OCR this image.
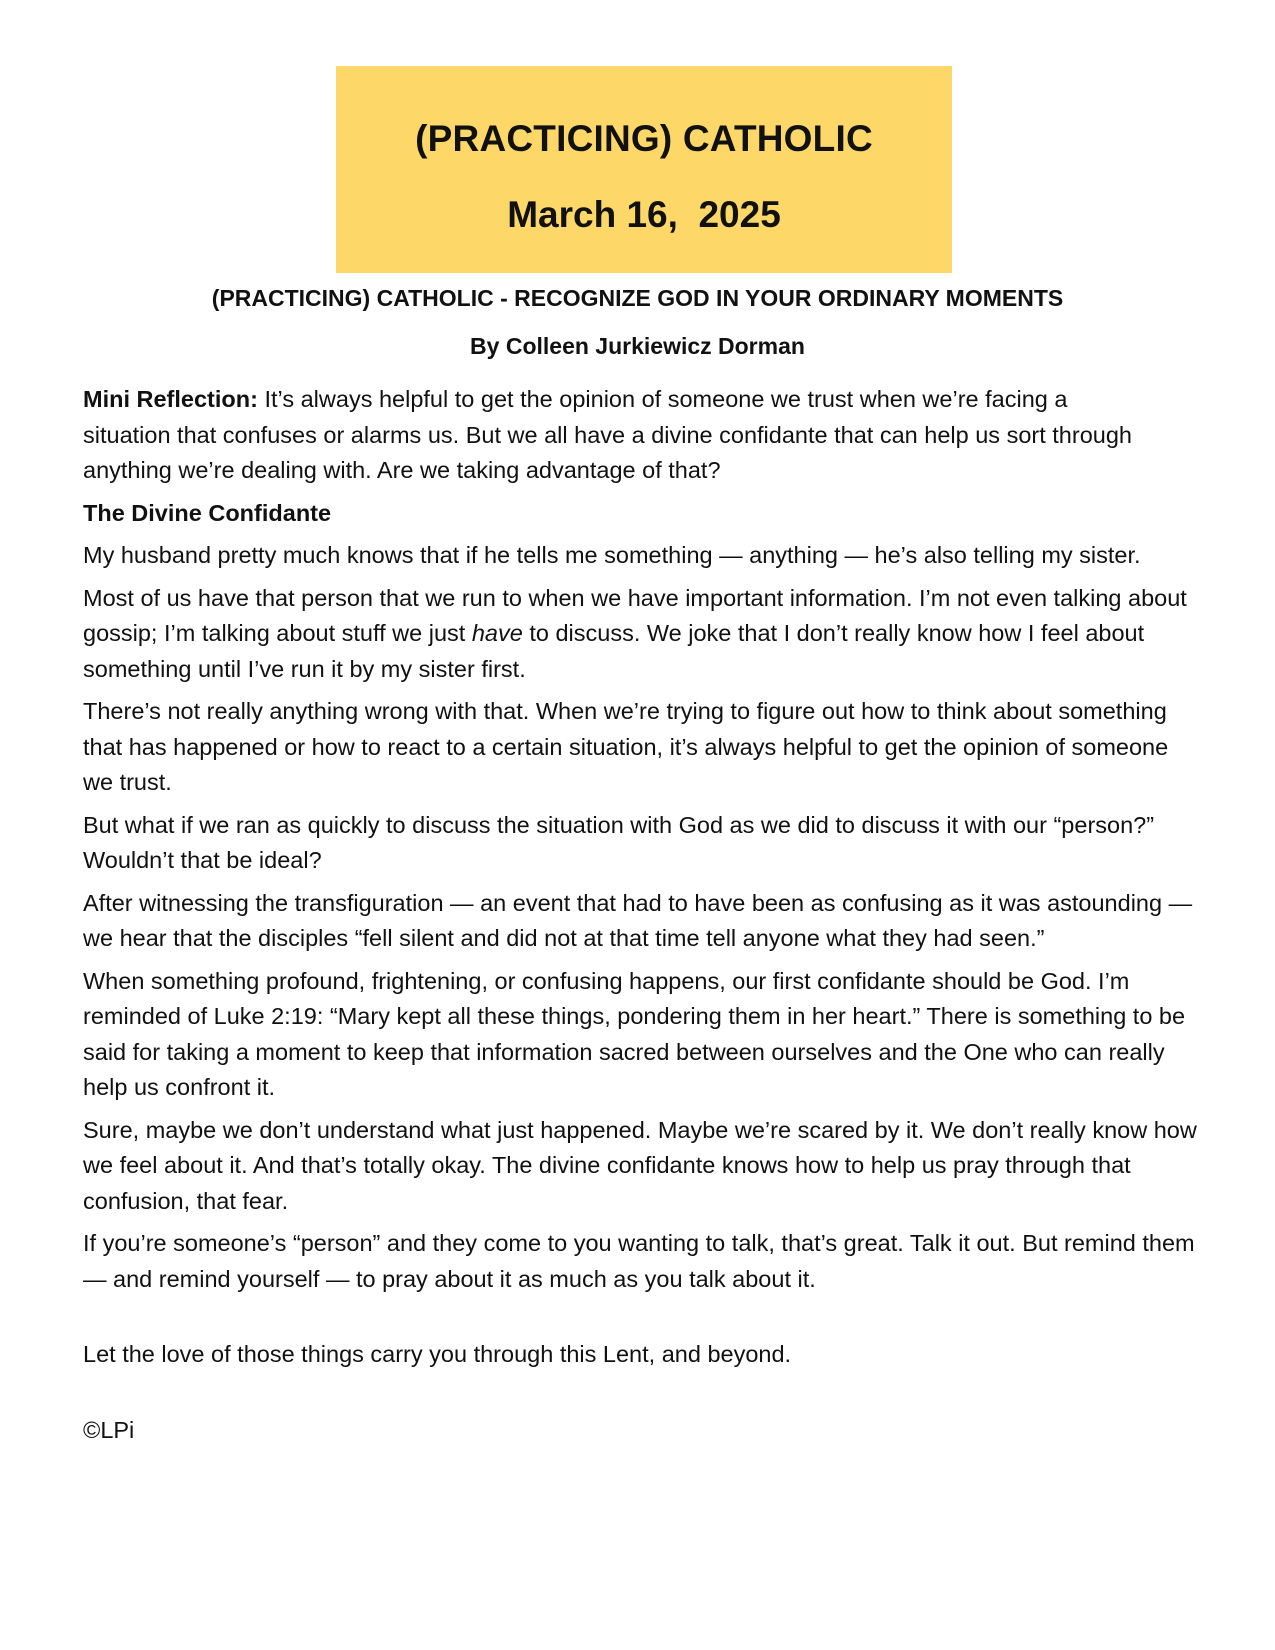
(PRACTICING) CATHOLIC
March 16,  2025
(PRACTICING) CATHOLIC - RECOGNIZE GOD IN YOUR ORDINARY MOMENTS
By Colleen Jurkiewicz Dorman

Mini Reflection: It’s always helpful to get the opinion of someone we trust when we’re facing a situation that confuses or alarms us. But we all have a divine confidante that can help us sort through anything we’re dealing with. Are we taking advantage of that?

The Divine Confidante

My husband pretty much knows that if he tells me something — anything — he’s also telling my sister.

Most of us have that person that we run to when we have important information. I’m not even talking about gossip; I’m talking about stuff we just have to discuss. We joke that I don’t really know how I feel about something until I’ve run it by my sister first.

There’s not really anything wrong with that. When we’re trying to figure out how to think about something that has happened or how to react to a certain situation, it’s always helpful to get the opinion of someone we trust.

But what if we ran as quickly to discuss the situation with God as we did to discuss it with our “person?” Wouldn’t that be ideal?

After witnessing the transfiguration — an event that had to have been as confusing as it was astounding — we hear that the disciples “fell silent and did not at that time tell anyone what they had seen.”

When something profound, frightening, or confusing happens, our first confidante should be God. I’m reminded of Luke 2:19: “Mary kept all these things, pondering them in her heart.” There is something to be said for taking a moment to keep that information sacred between ourselves and the One who can really help us confront it.

Sure, maybe we don’t understand what just happened. Maybe we’re scared by it. We don’t really know how we feel about it. And that’s totally okay. The divine confidante knows how to help us pray through that confusion, that fear.

If you’re someone’s “person” and they come to you wanting to talk, that’s great. Talk it out. But remind them — and remind yourself — to pray about it as much as you talk about it.

Let the love of those things carry you through this Lent, and beyond.

©LPi
